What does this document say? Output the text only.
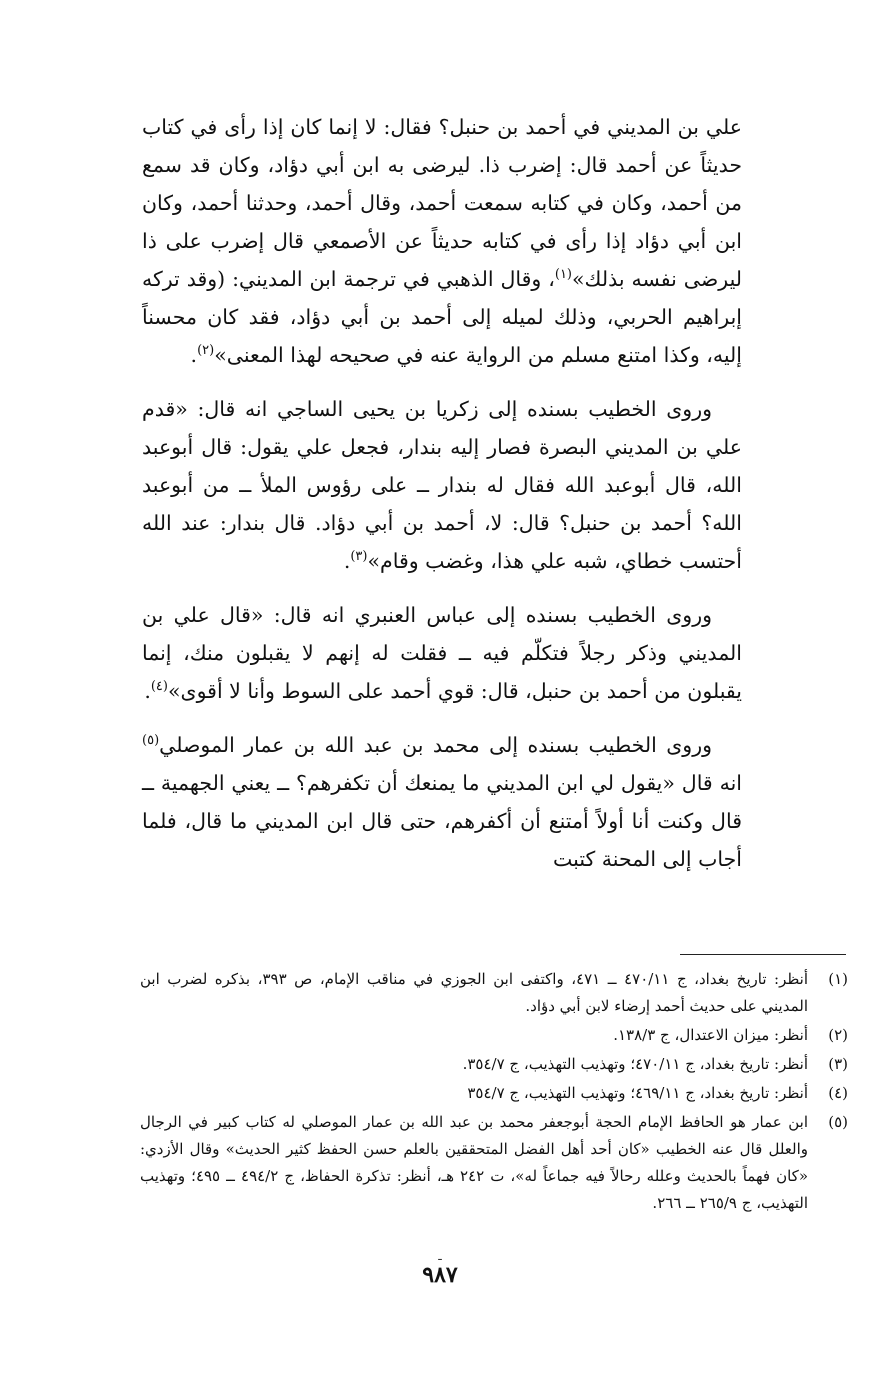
علي بن المديني في أحمد بن حنبل؟ فقال: لا إنما كان إذا رأى في كتاب حديثاً عن أحمد قال: إضرب ذا. ليرضى به ابن أبي دؤاد، وكان قد سمع من أحمد، وكان في كتابه سمعت أحمد، وقال أحمد، وحدثنا أحمد، وكان ابن أبي دؤاد إذا رأى في كتابه حديثاً عن الأصمعي قال إضرب على ذا ليرضى نفسه بذلك»$^{(١)}$، وقال الذهبي في ترجمة ابن المديني: (وقد تركه إبراهيم الحربي، وذلك لميله إلى أحمد بن أبي دؤاد، فقد كان محسناً إليه، وكذا امتنع مسلم من الرواية عنه في صحيحه لهذا المعنى»$^{(٢)}$.

وروى الخطيب بسنده إلى زكريا بن يحيى الساجي انه قال: «قدم علي بن المديني البصرة فصار إليه بندار، فجعل علي يقول: قال أبوعبد الله، قال أبوعبد الله فقال له بندار ــ على رؤوس الملأ ــ من أبوعبد الله؟ أحمد بن حنبل؟ قال: لا، أحمد بن أبي دؤاد. قال بندار: عند الله أحتسب خطاي، شبه علي هذا، وغضب وقام»$^{(٣)}$.

وروى الخطيب بسنده إلى عباس العنبري انه قال: «قال علي بن المديني وذكر رجلاً فتكلّم فيه ــ فقلت له إنهم لا يقبلون منك، إنما يقبلون من أحمد بن حنبل، قال: قوي أحمد على السوط وأنا لا أقوى»$^{(٤)}$.

وروى الخطيب بسنده إلى محمد بن عبد الله بن عمار الموصلي$^{(٥)}$ انه قال «يقول لي ابن المديني ما يمنعك أن تكفرهم؟ ــ يعني الجهمية ــ قال وكنت أنا أولاً أمتنع أن أكفرهم، حتى قال ابن المديني ما قال، فلما أجاب إلى المحنة كتبت

(١)
أنظر: تاريخ بغداد، ج ٤٧٠/١١ ــ ٤٧١، واكتفى ابن الجوزي في مناقب الإمام، ص ٣٩٣، بذكره لضرب ابن المديني على حديث أحمد إرضاء لابن أبي دؤاد.
(٢)
أنظر: ميزان الاعتدال، ج ١٣٨/٣.
(٣)
أنظر: تاريخ بغداد، ج ٤٧٠/١١؛ وتهذيب التهذيب، ج ٣٥٤/٧.
(٤)
أنظر: تاريخ بغداد، ج ٤٦٩/١١؛ وتهذيب التهذيب، ج ٣٥٤/٧
(٥)
ابن عمار هو الحافظ الإمام الحجة أبوجعفر محمد بن عبد الله بن عمار الموصلي له كتاب كبير في الرجال والعلل قال عنه الخطيب «كان أحد أهل الفضل المتحققين بالعلم حسن الحفظ كثير الحديث» وقال الأزدي: «كان فهماً بالحديث وعلله رحالاً فيه جماعاً له»، ت ٢٤٢ هـ، أنظر: تذكرة الحفاظ، ج ٤٩٤/٢ ــ ٤٩٥؛ وتهذيب التهذيب، ج ٢٦٥/٩ ــ ٢٦٦.
ـ
٩٨٧
